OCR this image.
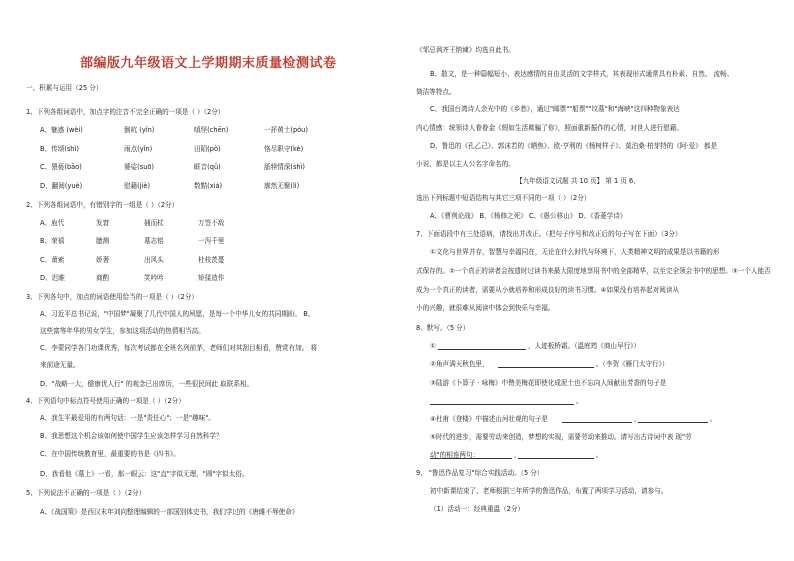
部编版九年级语文上学期期末质量检测试卷
一、积累与运用（25 分）
1、下列各组词语中，加点字的注音不完全正确的一项是（ ）（2分）
A、魅惑 (wèi)	倒吭 (yǐn)	嗔怪(chēn)	一抔黄土(póu)
B、传颂(shì)	雨点(yǐn)	田陌(pò)	恪尽职守(kè)
C、猥亵(bāo)	婆娑(suō)	眶音(qǔ)	舐犊情深(shì)
D、翻阅(yuè)	慰藉(jiè)	数黠(xiá)	廓然无聚(lì)
2、下列各组词语中，有错别字的一组是（ ）（2分）
A、庖代	发窘	捕而杖	万签不敌
B、荣禧	臆测	墓志铭	一泻千里
C、萧索	娇奢	出风头	杜枝茨蔓
D、迟睢	商酌	笑吟吟	矫揉造作
3、下列各句中，加点的词语使用恰当的一项是（ ）（2分）
A、习近平总书记说，"中国梦"凝聚了几代中国人的夙愿，是每一个中华儿女的共同期盼。 B、
这些富等年华的男女学生，参加这项活动的热情相当高。
C、李蒙同学各门功课优秀，每次考试都在全班名列前茅，老师们对其刮目相看，赞赏有加。 将
来前途无量。
D、"战略一大，健康优人行" 的观念已出席历，一些很民间此 取联系相。
4、下列语句中标点符号使用正确的一项是（ ）（2分）
A、我生平最爱用的有两句话：一是"责任心"；一是"趣味"。
B、我思想这个机会该如何使中国学生应该怎样学习自然科学？
C、在中国传统教育里，最重要的书是《四书》。
D、我看他《墓上》一看，那一眼云：这"直"字似无理，"圆"字似太俗。
5、下列说法不正确的一项是（ ）（2分）
A、《战国策》是西汉末年刘向整理编辑的一部国别体史书，我们学过的《唐雎不辱使命》
《邹忌讽齐王纳谏》均选自此书。
B、散文，是一种篇幅短小、表达感情的自由灵活的文学样式，其表现形式通常具有朴素、自然、 流畅、
简洁等特点。
C、我国台湾诗人余光中的《乡愁》，通过"邮票""船票""坟墓"和"海峡"这四种物象表达
内心情感：统领诗人眷眷金《假如生活欺骗了你》，照面重新振作的心情，对世人进行慰藉。
D、鲁迅的《孔乙己》、郭沫若的《晒焦》、欧·亨利的《杨树样子》、莫泊桑·柏芽特的《阿·爱》 都是
小说，都是以主人公名字命名的。
【九年级语文试题 共 10 页】 第 1 页 6、
选出下列标题中短语结构与其它三项不同的一项（ ）（2分）
A、《曹刿论战》 B、《杨修之死》 C、《愚公移山》 D、《香菱学诗》
7、下面语段中有三处语病，请找出并改正。（把句子序号和改正后的句子写在下面）（3分）
①文化与世界并存，智慧与幸福同在，无论在什么时代与环境下，人类精神文明的成果是以书籍的形
式保存的。②一个真正的读者会按遗时过读书来最大限度地享用书中的全部精华，以至完全领会书中的思想。③一个人能否
成为一个真正的读者，需要从小就培养和形成良好的读书习惯。④如果没有培养起对阅读从
小的兴趣，就很难从阅读中体会到快乐与幸福。
8、默写。（5 分）
①	，人迹板桥霜。（温庭筠《商山早行》）
②角声满天秋色里，	。（李贺《雁门太守行》）
③陆游《卜算子 · 咏梅》中赞美梅花即使化成泥土也不忘向人间献出芳香的句子是
。
④杜甫《登楼》中描述山河壮观的句子是	，	。
⑤时代的进步，需要劳动来创造，梦想的实现，需要劳动来推动。请写出古诗词中表 现"劳
动"的相连两句：	，	。
9、 "鲁迅作品复习"综合实践活动。（5 分）
初中新课结束了，老师根据三年所学的鲁迅作品，布置了两项学习活动，请参与。
（1）活动一：经典重温（2分）
